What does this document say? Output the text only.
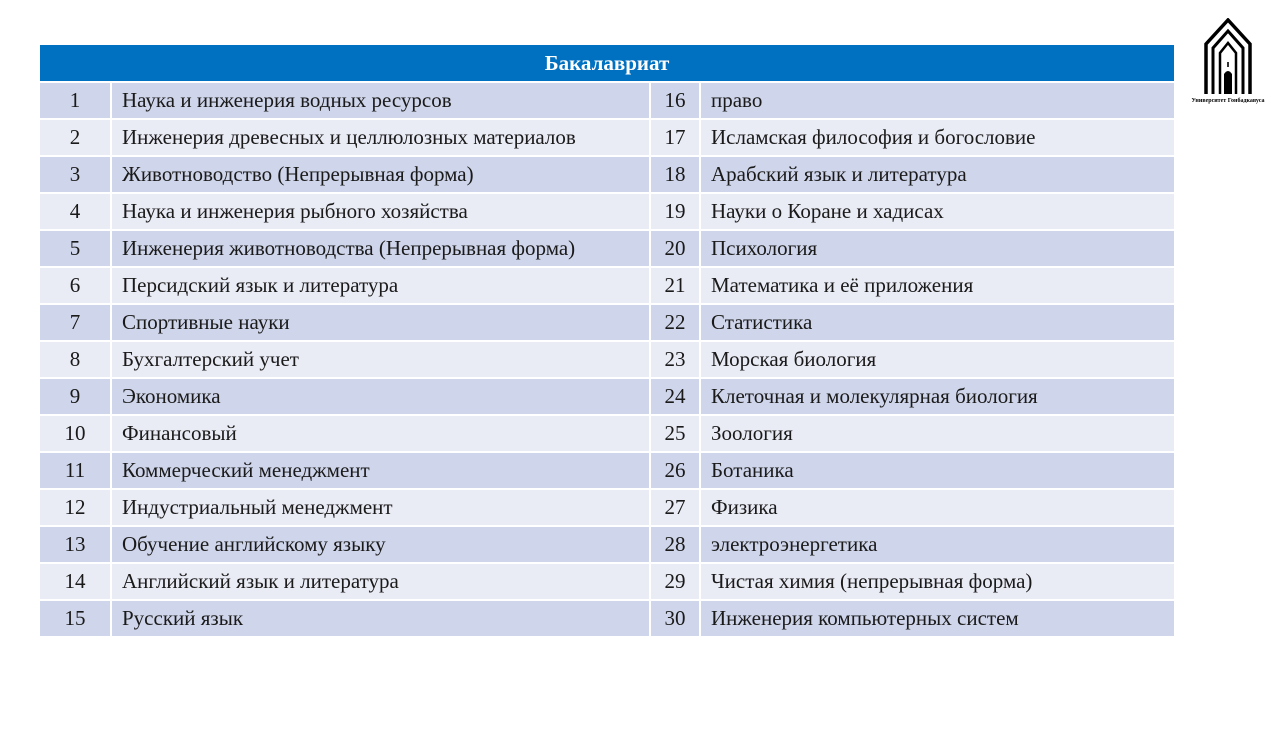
Бакалавриат			
1	Наука и инженерия водных ресурсов	16	право
2	Инженерия древесных и целлюлозных материалов	17	Исламская философия и богословие
3	Животноводство (Непрерывная форма)	18	Арабский язык и литература
4	Наука и инженерия рыбного хозяйства	19	Науки о Коране и хадисах
5	Инженерия животноводства (Непрерывная форма)	20	Психология
6	Персидский язык и литература	21	Математика и её приложения
7	Спортивные науки	22	Статистика
8	Бухгалтерский учет	23	Морская биология
9	Экономика	24	Клеточная и молекулярная биология
10	Финансовый	25	Зоология
11	Коммерческий менеджмент	26	Ботаника
12	Индустриальный менеджмент	27	Физика
13	Обучение английскому языку	28	электроэнергетика
14	Английский язык и литература	29	Чистая химия (непрерывная форма)
15	Русский язык	30	Инженерия компьютерных систем
Университет Гонбадкавуса
